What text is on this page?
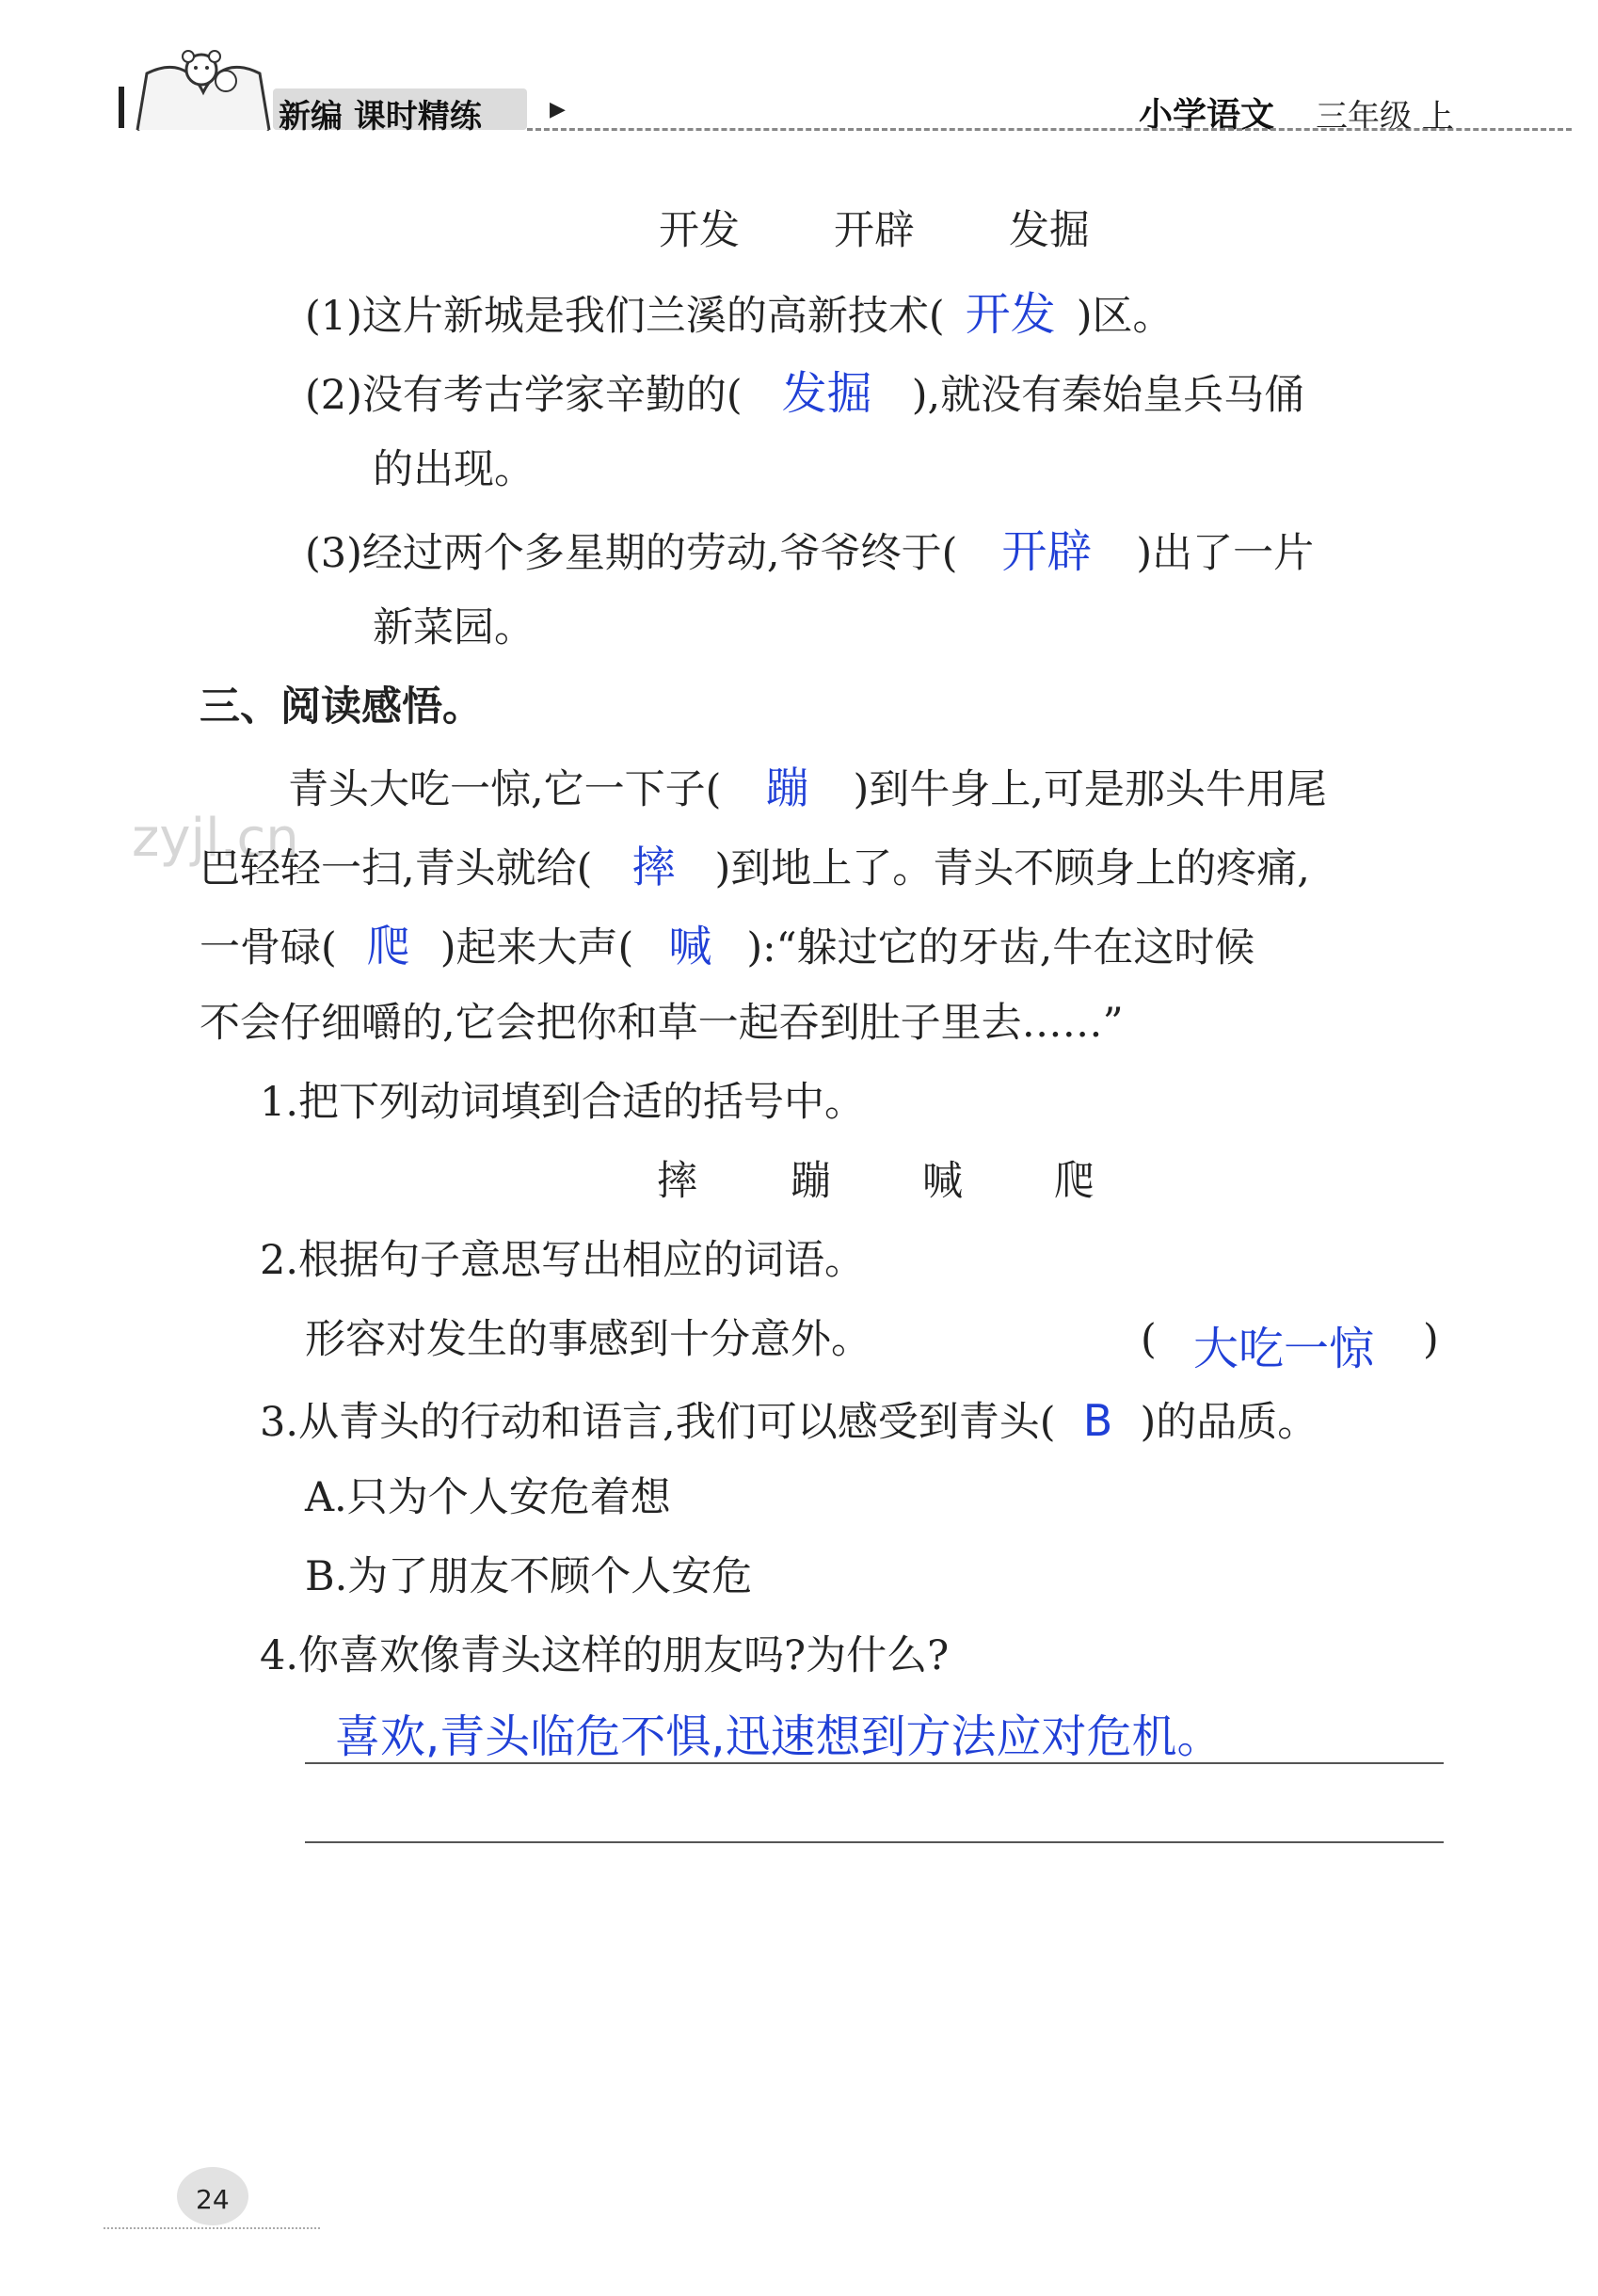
新编 课时精练	▶	小学语文 三年级 上
开发 开辟 发掘
(1)这片新城是我们兰溪的高新技术( 开发 )区。
(2)没有考古学家辛勤的( 发掘 ),就没有秦始皇兵马俑
的出现。
(3)经过两个多星期的劳动,爷爷终于( 开辟 )出了一片
新菜园。
三、阅读感悟。
zyjl.cn
青头大吃一惊,它一下子( 蹦 )到牛身上,可是那头牛用尾
巴轻轻一扫,青头就给( 摔 )到地上了。青头不顾身上的疼痛,
一骨碌( 爬 )起来大声( 喊 ):“躲过它的牙齿,牛在这时候
不会仔细嚼的,它会把你和草一起吞到肚子里去……”
1.把下列动词填到合适的括号中。
摔 蹦 喊 爬
2.根据句子意思写出相应的词语。
形容对发生的事感到十分意外。	( 大吃一惊 )
3.从青头的行动和语言,我们可以感受到青头( B )的品质。
A.只为个人安危着想
B.为了朋友不顾个人安危
4.你喜欢像青头这样的朋友吗?为什么?
喜欢,青头临危不惧,迅速想到方法应对危机。
24
